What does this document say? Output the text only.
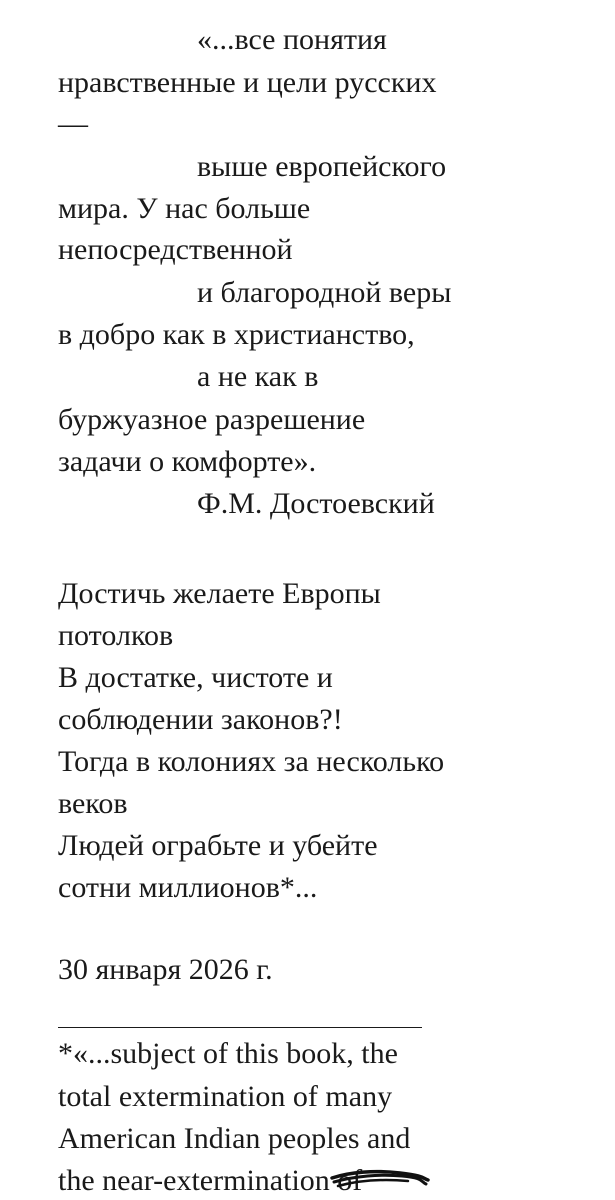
«...все понятия
нравственные и цели русских
—
выше европейского
мира. У нас больше
непосредственной
и благородной веры
в добро как в христианство,
а не как в
буржуазное разрешение
задачи о комфорте».
Ф.М. Достоевский
Достичь желаете Европы
потолков
В достатке, чистоте и
соблюдении законов?!
Тогда в колониях за несколько
веков
Людей ограбьте и убейте
сотни миллионов*...
30 января 2026 г.
*«...subject of this book, the
total extermination of many
American Indian peoples and
the near-extermination of
